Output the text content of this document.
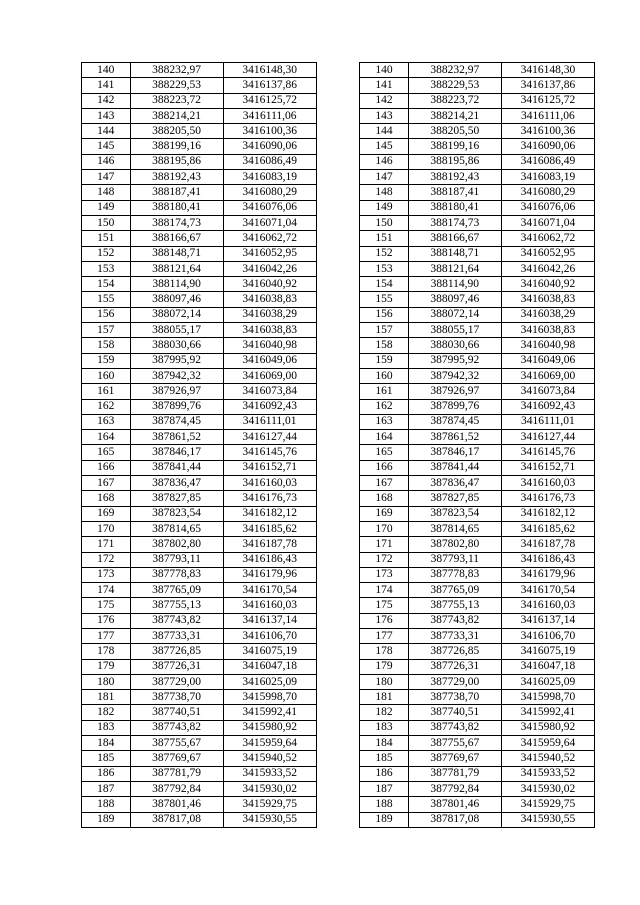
140	388232,97	3416148,30		140	388232,97	3416148,30
141	388229,53	3416137,86		141	388229,53	3416137,86
142	388223,72	3416125,72		142	388223,72	3416125,72
143	388214,21	3416111,06		143	388214,21	3416111,06
144	388205,50	3416100,36		144	388205,50	3416100,36
145	388199,16	3416090,06		145	388199,16	3416090,06
146	388195,86	3416086,49		146	388195,86	3416086,49
147	388192,43	3416083,19		147	388192,43	3416083,19
148	388187,41	3416080,29		148	388187,41	3416080,29
149	388180,41	3416076,06		149	388180,41	3416076,06
150	388174,73	3416071,04		150	388174,73	3416071,04
151	388166,67	3416062,72		151	388166,67	3416062,72
152	388148,71	3416052,95		152	388148,71	3416052,95
153	388121,64	3416042,26		153	388121,64	3416042,26
154	388114,90	3416040,92		154	388114,90	3416040,92
155	388097,46	3416038,83		155	388097,46	3416038,83
156	388072,14	3416038,29		156	388072,14	3416038,29
157	388055,17	3416038,83		157	388055,17	3416038,83
158	388030,66	3416040,98		158	388030,66	3416040,98
159	387995,92	3416049,06		159	387995,92	3416049,06
160	387942,32	3416069,00		160	387942,32	3416069,00
161	387926,97	3416073,84		161	387926,97	3416073,84
162	387899,76	3416092,43		162	387899,76	3416092,43
163	387874,45	3416111,01		163	387874,45	3416111,01
164	387861,52	3416127,44		164	387861,52	3416127,44
165	387846,17	3416145,76		165	387846,17	3416145,76
166	387841,44	3416152,71		166	387841,44	3416152,71
167	387836,47	3416160,03		167	387836,47	3416160,03
168	387827,85	3416176,73		168	387827,85	3416176,73
169	387823,54	3416182,12		169	387823,54	3416182,12
170	387814,65	3416185,62		170	387814,65	3416185,62
171	387802,80	3416187,78		171	387802,80	3416187,78
172	387793,11	3416186,43		172	387793,11	3416186,43
173	387778,83	3416179,96		173	387778,83	3416179,96
174	387765,09	3416170,54		174	387765,09	3416170,54
175	387755,13	3416160,03		175	387755,13	3416160,03
176	387743,82	3416137,14		176	387743,82	3416137,14
177	387733,31	3416106,70		177	387733,31	3416106,70
178	387726,85	3416075,19		178	387726,85	3416075,19
179	387726,31	3416047,18		179	387726,31	3416047,18
180	387729,00	3416025,09		180	387729,00	3416025,09
181	387738,70	3415998,70		181	387738,70	3415998,70
182	387740,51	3415992,41		182	387740,51	3415992,41
183	387743,82	3415980,92		183	387743,82	3415980,92
184	387755,67	3415959,64		184	387755,67	3415959,64
185	387769,67	3415940,52		185	387769,67	3415940,52
186	387781,79	3415933,52		186	387781,79	3415933,52
187	387792,84	3415930,02		187	387792,84	3415930,02
188	387801,46	3415929,75		188	387801,46	3415929,75
189	387817,08	3415930,55		189	387817,08	3415930,55
